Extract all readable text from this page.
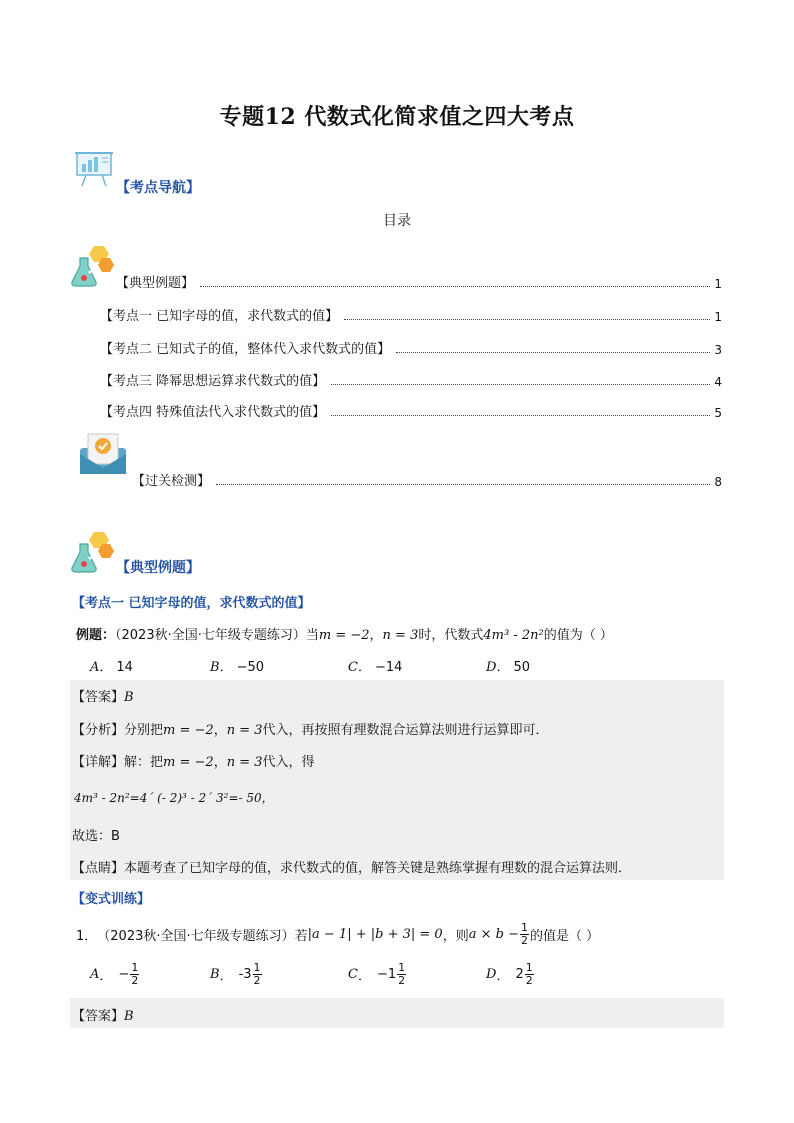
专题12 代数式化简求值之四大考点
【考点导航】
目录
【典型例题】	1
【考点一 已知字母的值，求代数式的值】	1
【考点二 已知式子的值，整体代入求代数式的值】	3
【考点三 降幂思想运算求代数式的值】	4
【考点四 特殊值法代入求代数式的值】	5
【过关检测】	8
【典型例题】
【考点一 已知字母的值，求代数式的值】
例题：（2023秋·全国·七年级专题练习）当m = −2，n = 3时，代数式4m³ - 2n²的值为（ ）
A． 14	B． −50	C． −14	D． 50
【答案】B
【分析】分别把m = −2，n = 3代入，再按照有理数混合运算法则进行运算即可．
【详解】解：把m = −2，n = 3代入，得
4m³ - 2n²=4´ (- 2)³ - 2´ 3²=- 50，
故选：B
【点睛】本题考查了已知字母的值，求代数式的值，解答关键是熟练掌握有理数的混合运算法则．
【变式训练】
1． （2023秋·全国·七年级专题练习）若 |a − 1| + |b + 3| = 0 ，则 $a \times b - \frac{1}{2}$ 的值是（ ）
A ． − $\frac{1}{2}$	B ． $-3 \frac{1}{2}$	C ． $-1 \frac{1}{2}$	D ． $2 \frac{1}{2}$
【答案】B
